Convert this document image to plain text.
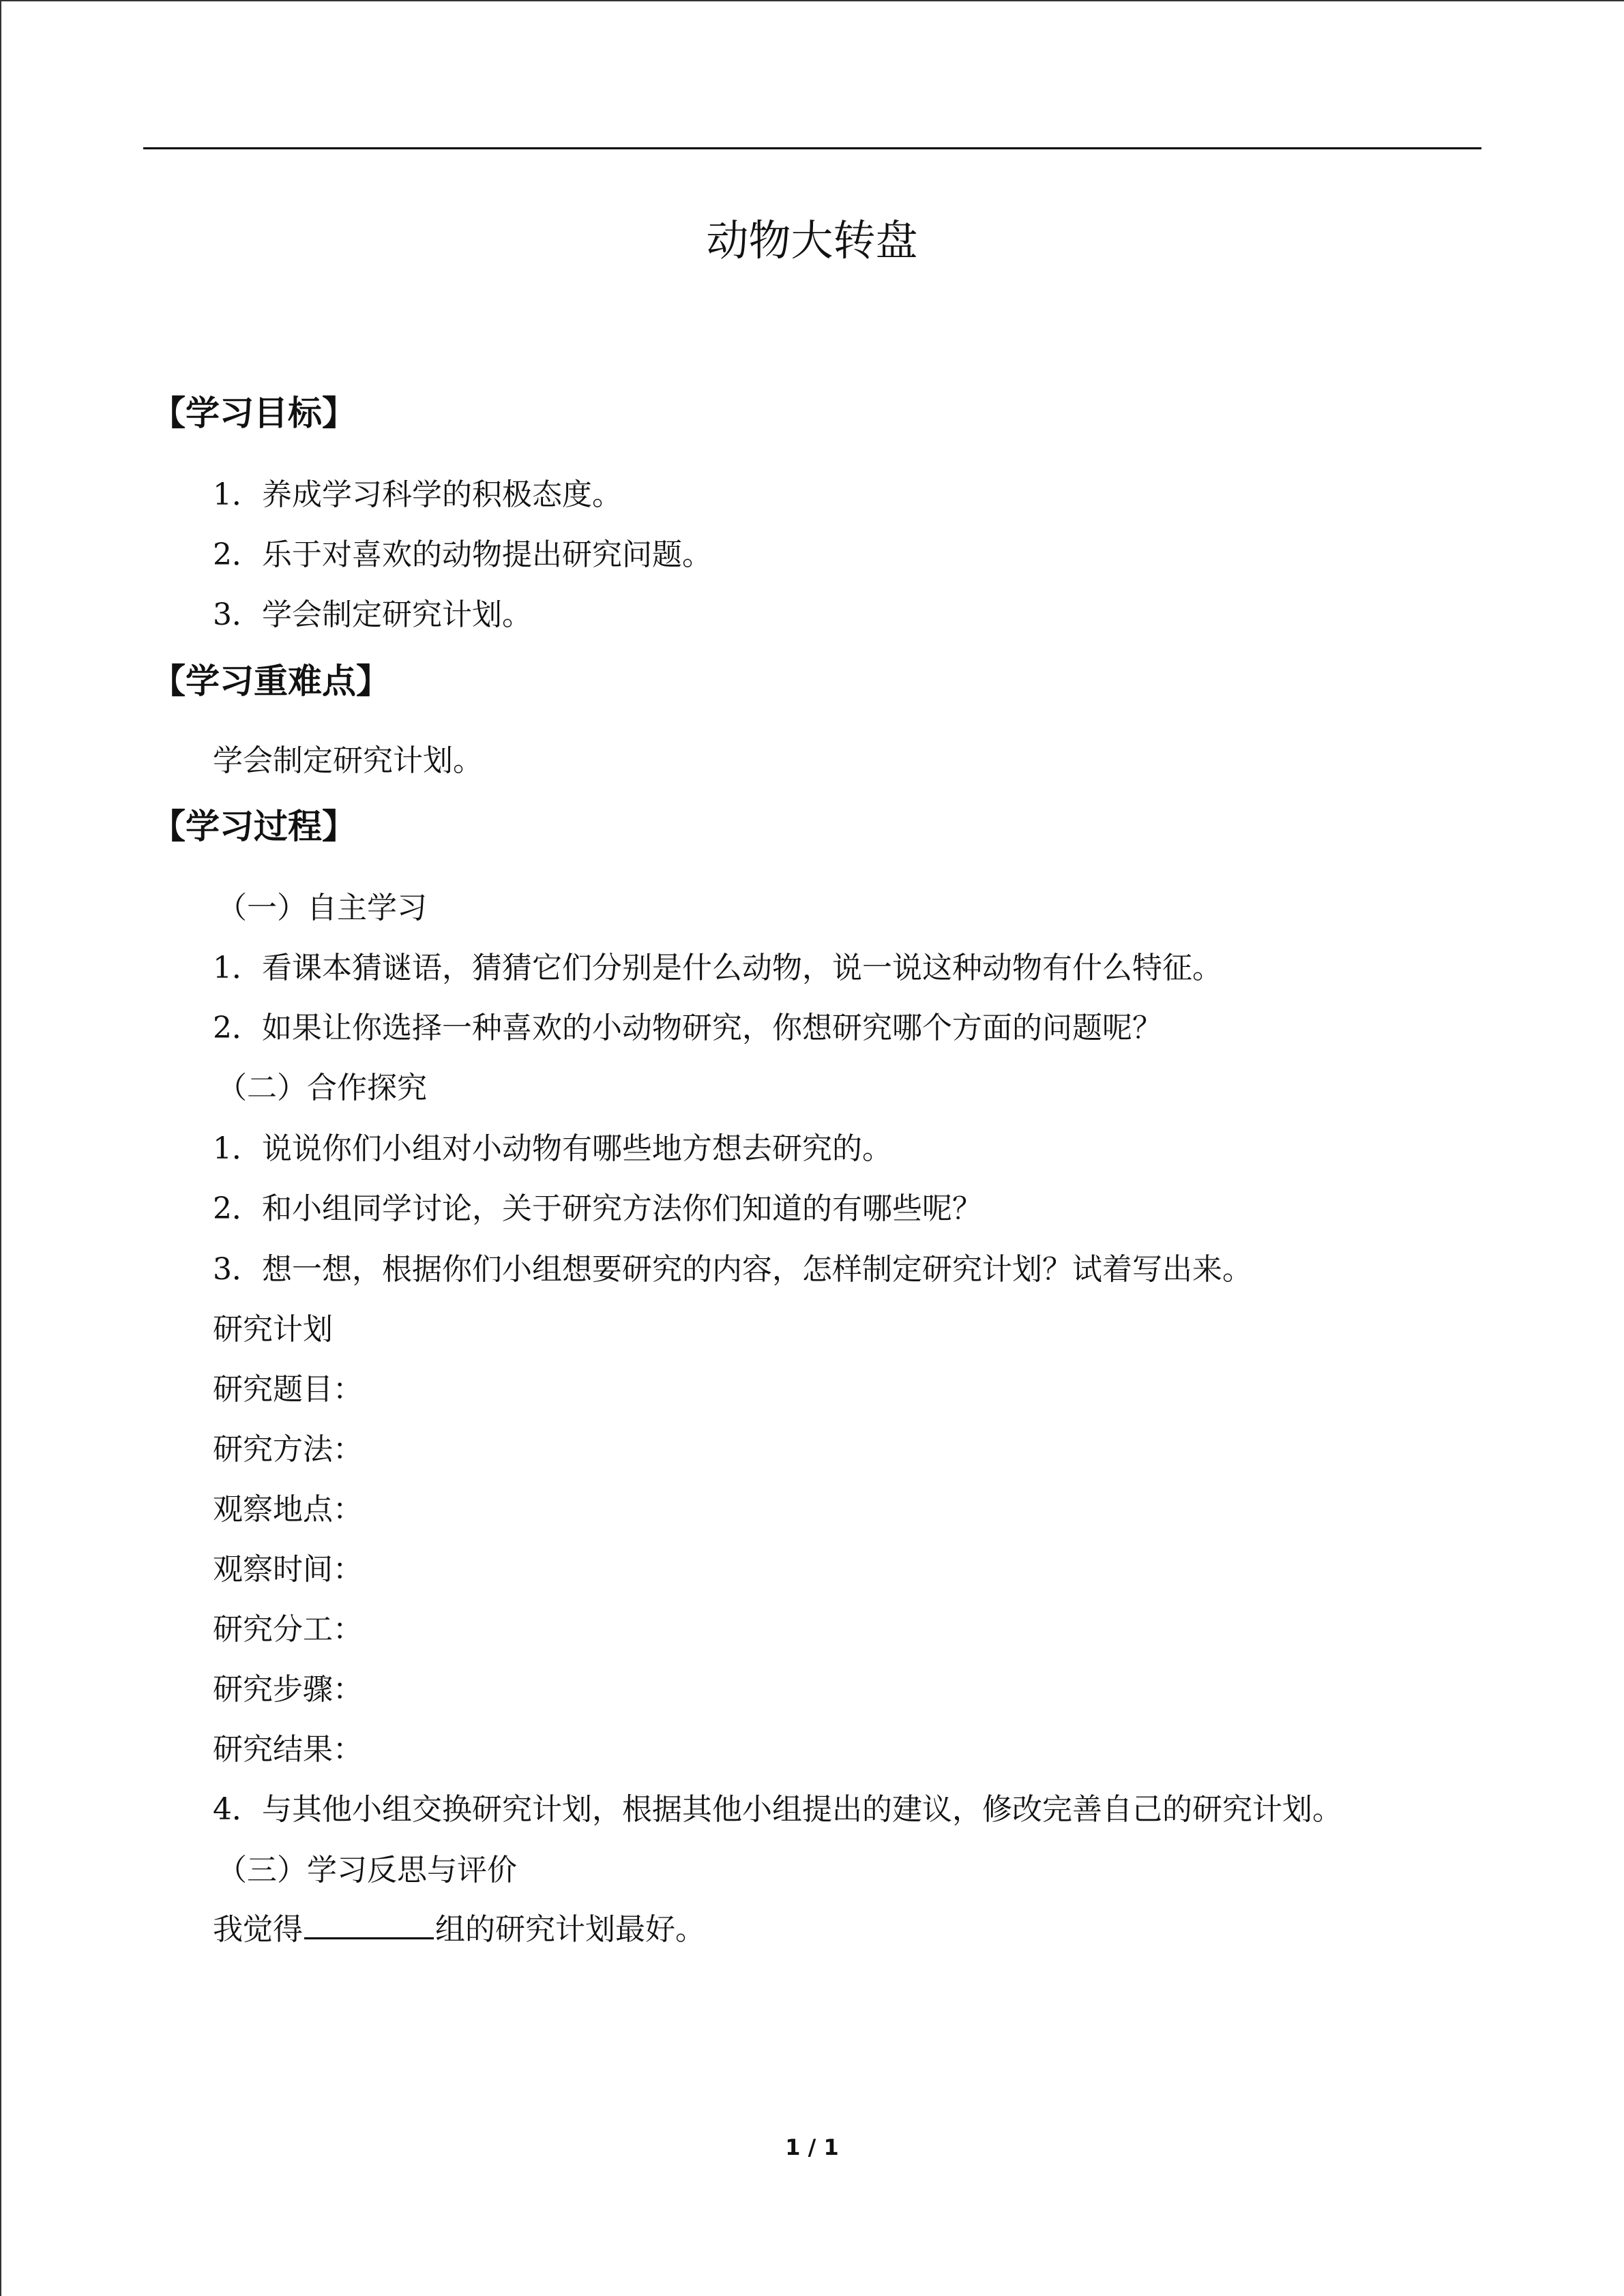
动物大转盘
【学习目标】
1．养成学习科学的积极态度。
2．乐于对喜欢的动物提出研究问题。
3．学会制定研究计划。
【学习重难点】
学会制定研究计划。
【学习过程】
（一）自主学习
1．看课本猜谜语，猜猜它们分别是什么动物，说一说这种动物有什么特征。
2．如果让你选择一种喜欢的小动物研究，你想研究哪个方面的问题呢？
（二）合作探究
1．说说你们小组对小动物有哪些地方想去研究的。
2．和小组同学讨论，关于研究方法你们知道的有哪些呢？
3．想一想，根据你们小组想要研究的内容，怎样制定研究计划？试着写出来。
研究计划
研究题目：
研究方法：
观察地点：
观察时间：
研究分工：
研究步骤：
研究结果：
4．与其他小组交换研究计划，根据其他小组提出的建议，修改完善自己的研究计划。
（三）学习反思与评价
我觉得	组的研究计划最好。
1 / 1
